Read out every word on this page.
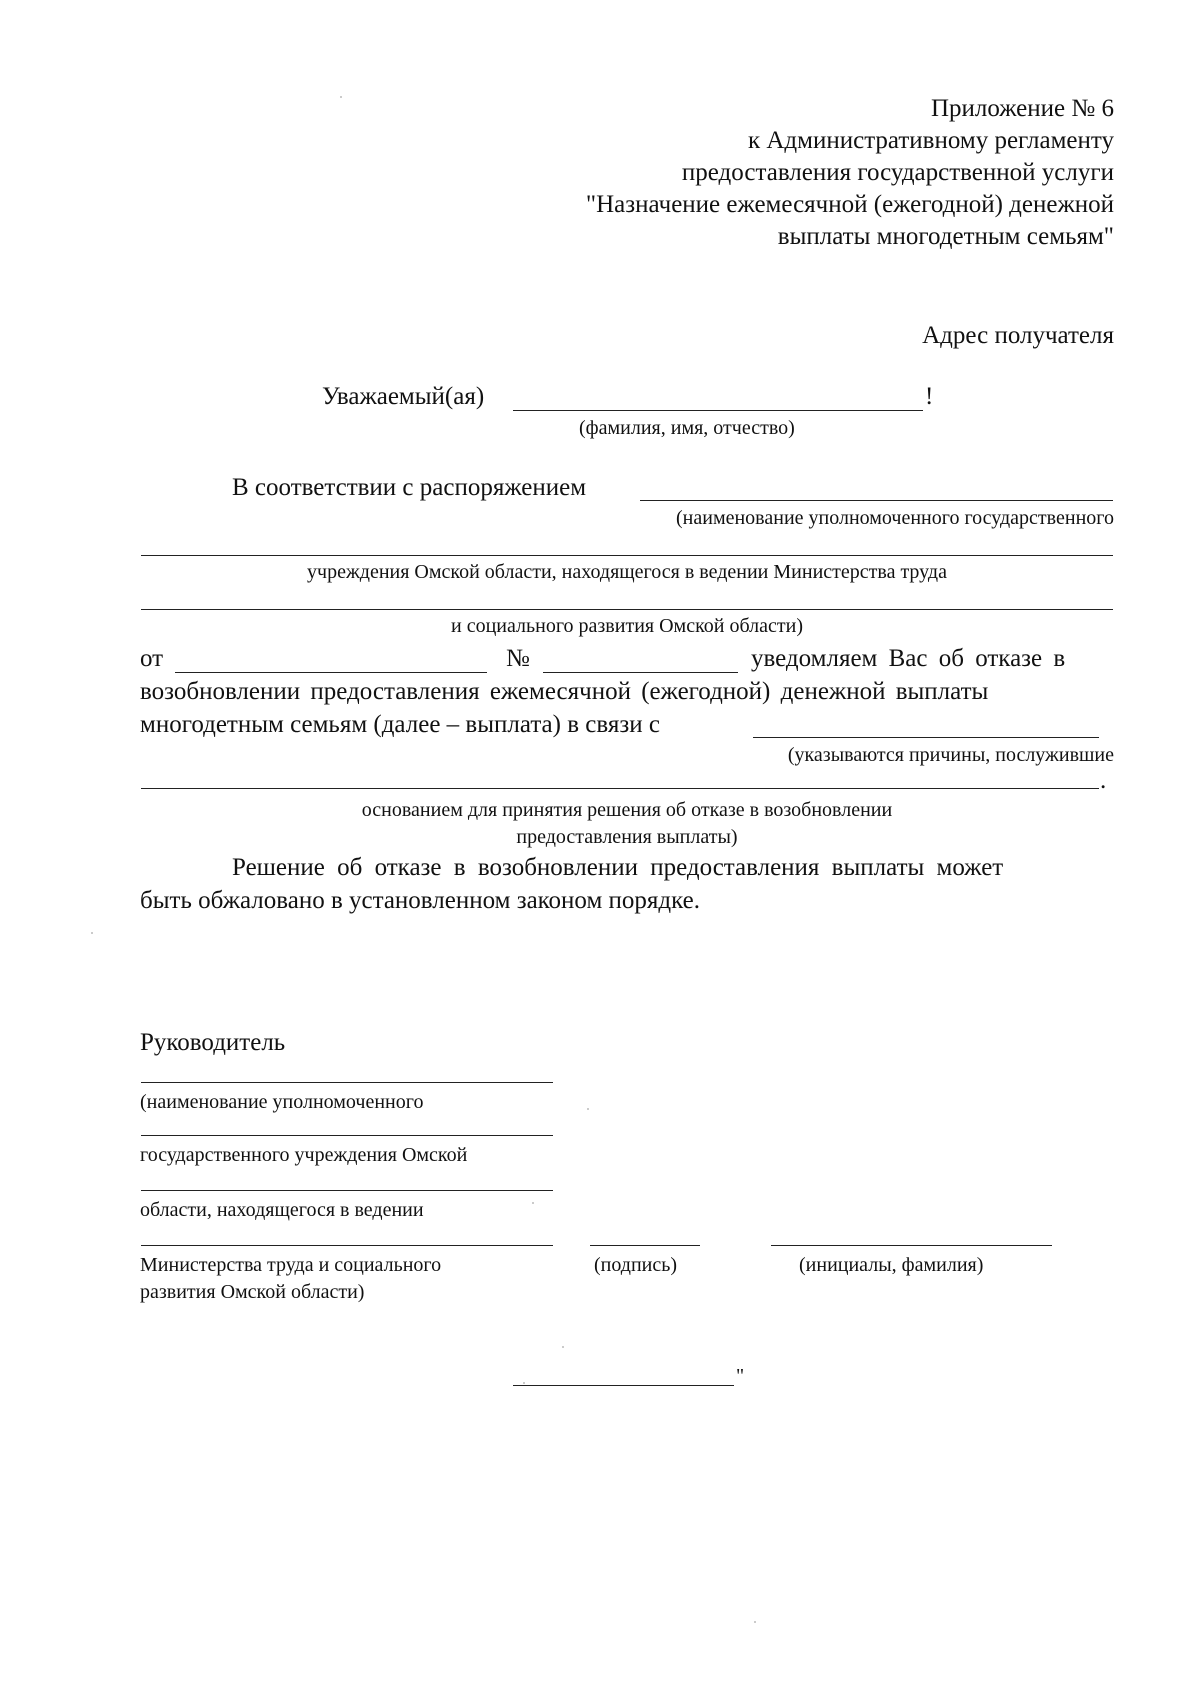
Приложение № 6
к Административному регламенту
предоставления государственной услуги
"Назначение ежемесячной (ежегодной) денежной
выплаты многодетным семьям"
Адрес получателя
Уважаемый(ая)	!
(фамилия, имя, отчество)
В соответствии с распоряжением
(наименование уполномоченного государственного
учреждения Омской области, находящегося в ведении Министерства труда
и социального развития Омской области)
от	№	уведомляем Вас об отказе в
возобновлении предоставления ежемесячной (ежегодной) денежной выплаты
многодетным семьям (далее – выплата) в связи с
(указываются причины, послужившие
.
основанием для принятия решения об отказе в возобновлении
предоставления выплаты)
Решение об отказе в возобновлении предоставления выплаты может
быть обжаловано в установленном законом порядке.
Руководитель
(наименование уполномоченного
государственного учреждения Омской
области, находящегося в ведении
Министерства труда и социального
развития Омской области)
(подпись)	(инициалы, фамилия)
"
